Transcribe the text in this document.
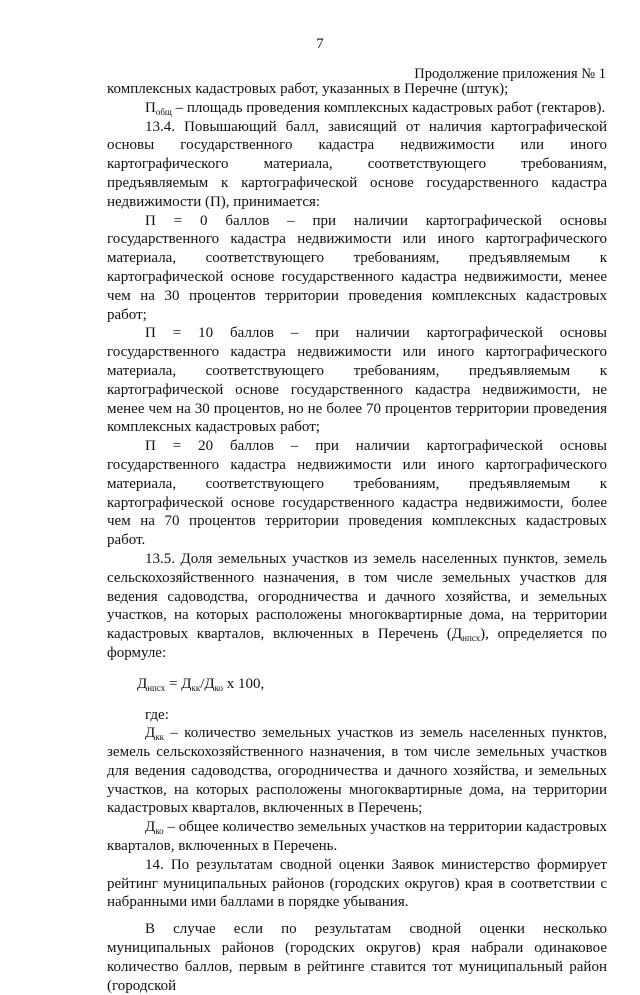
7
Продолжение приложения № 1

комплексных кадастровых работ, указанных в Перечне (штук);

$П_{общ}$ – площадь проведения комплексных кадастровых работ (гектаров).

13.4. Повышающий балл, зависящий от наличия картографической основы государственного кадастра недвижимости или иного картографического материала, соответствующего требованиям, предъявляемым к картографической основе государственного кадастра недвижимости (П), принимается:

П = 0 баллов – при наличии картографической основы государственного кадастра недвижимости или иного картографического материала, соответствующего требованиям, предъявляемым к картографической основе государственного кадастра недвижимости, менее чем на 30 процентов территории проведения комплексных кадастровых работ;

П = 10 баллов – при наличии картографической основы государственного кадастра недвижимости или иного картографического материала, соответствующего требованиям, предъявляемым к картографической основе государственного кадастра недвижимости, не менее чем на 30 процентов, но не более 70 процентов территории проведения комплексных кадастровых работ;

П = 20 баллов – при наличии картографической основы государственного кадастра недвижимости или иного картографического материала, соответствующего требованиям, предъявляемым к картографической основе государственного кадастра недвижимости, более чем на 70 процентов территории проведения комплексных кадастровых работ.

13.5. Доля земельных участков из земель населенных пунктов, земель сельскохозяйственного назначения, в том числе земельных участков для ведения садоводства, огородничества и дачного хозяйства, и земельных участков, на которых расположены многоквартирные дома, на территории кадастровых кварталов, включенных в Перечень $(Д_{нпсх})$, определяется по формуле:

$Д_{нпсх} = Д_{кк}/Д_{ко}$ х 100,

где:

$Д_{кк}$ – количество земельных участков из земель населенных пунктов, земель сельскохозяйственного назначения, в том числе земельных участков для ведения садоводства, огородничества и дачного хозяйства, и земельных участков, на которых расположены многоквартирные дома, на территории кадастровых кварталов, включенных в Перечень;

$Д_{ко}$ – общее количество земельных участков на территории кадастровых кварталов, включенных в Перечень.

14. По результатам сводной оценки Заявок министерство формирует рейтинг муниципальных районов (городских округов) края в соответствии с набранными ими баллами в порядке убывания.

В случае если по результатам сводной оценки несколько муниципальных районов (городских округов) края набрали одинаковое количество баллов, первым в рейтинге ставится тот муниципальный район (городской
